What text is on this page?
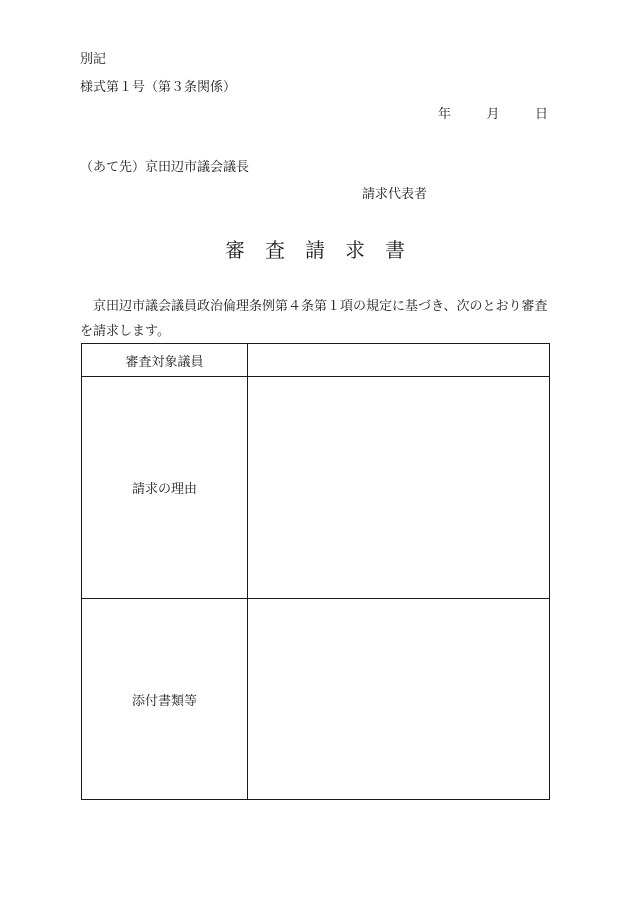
別記
様式第１号（第３条関係）
年	月	日
（あて先）京田辺市議会議長
請求代表者
審査請求書
京田辺市議会議員政治倫理条例第４条第１項の規定に基づき、次のとおり審査を請求します。
審査対象議員	
請求の理由	
添付書類等	
